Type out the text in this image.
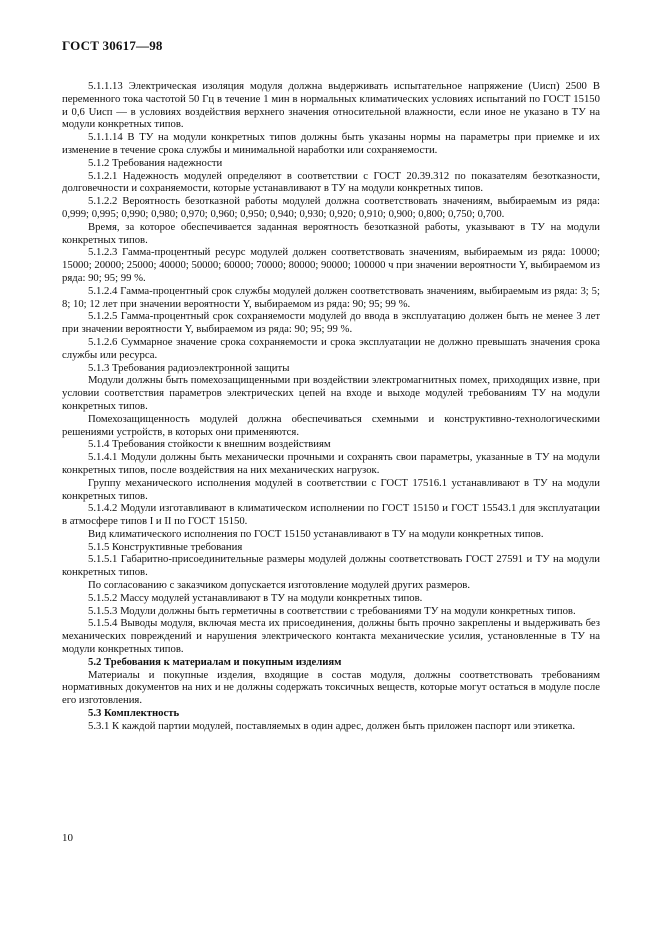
ГОСТ 30617—98

5.1.1.13 Электрическая изоляция модуля должна выдерживать испытательное напряжение (Uисп) 2500 В переменного тока частотой 50 Гц в течение 1 мин в нормальных климатических условиях испытаний по ГОСТ 15150 и 0,6 Uисп — в условиях воздействия верхнего значения относительной влажности, если иное не указано в ТУ на модули конкретных типов.

5.1.1.14 В ТУ на модули конкретных типов должны быть указаны нормы на параметры при приемке и их изменение в течение срока службы и минимальной наработки или сохраняемости.

5.1.2 Требования надежности

5.1.2.1 Надежность модулей определяют в соответствии с ГОСТ 20.39.312 по показателям безотказности, долговечности и сохраняемости, которые устанавливают в ТУ на модули конкретных типов.

5.1.2.2 Вероятность безотказной работы модулей должна соответствовать значениям, выбираемым из ряда: 0,999; 0,995; 0,990; 0,980; 0,970; 0,960; 0,950; 0,940; 0,930; 0,920; 0,910; 0,900; 0,800; 0,750; 0,700.

Время, за которое обеспечивается заданная вероятность безотказной работы, указывают в ТУ на модули конкретных типов.

5.1.2.3 Гамма-процентный ресурс модулей должен соответствовать значениям, выбираемым из ряда: 10000; 15000; 20000; 25000; 40000; 50000; 60000; 70000; 80000; 90000; 100000 ч при значении вероятности Y, выбираемом из ряда: 90; 95; 99 %.

5.1.2.4 Гамма-процентный срок службы модулей должен соответствовать значениям, выбираемым из ряда: 3; 5; 8; 10; 12 лет при значении вероятности Y, выбираемом из ряда: 90; 95; 99 %.

5.1.2.5 Гамма-процентный срок сохраняемости модулей до ввода в эксплуатацию должен быть не менее 3 лет при значении вероятности Y, выбираемом из ряда: 90; 95; 99 %.

5.1.2.6 Суммарное значение срока сохраняемости и срока эксплуатации не должно превышать значения срока службы или ресурса.

5.1.3 Требования радиоэлектронной защиты

Модули должны быть помехозащищенными при воздействии электромагнитных помех, приходящих извне, при условии соответствия параметров электрических цепей на входе и выходе модулей требованиям ТУ на модули конкретных типов.

Помехозащищенность модулей должна обеспечиваться схемными и конструктивно-технологическими решениями устройств, в которых они применяются.

5.1.4 Требования стойкости к внешним воздействиям

5.1.4.1 Модули должны быть механически прочными и сохранять свои параметры, указанные в ТУ на модули конкретных типов, после воздействия на них механических нагрузок.

Группу механического исполнения модулей в соответствии с ГОСТ 17516.1 устанавливают в ТУ на модули конкретных типов.

5.1.4.2 Модули изготавливают в климатическом исполнении по ГОСТ 15150 и ГОСТ 15543.1 для эксплуатации в атмосфере типов I и II по ГОСТ 15150.

Вид климатического исполнения по ГОСТ 15150 устанавливают в ТУ на модули конкретных типов.

5.1.5 Конструктивные требования

5.1.5.1 Габаритно-присоединительные размеры модулей должны соответствовать ГОСТ 27591 и ТУ на модули конкретных типов.

По согласованию с заказчиком допускается изготовление модулей других размеров.

5.1.5.2 Массу модулей устанавливают в ТУ на модули конкретных типов.

5.1.5.3 Модули должны быть герметичны в соответствии с требованиями ТУ на модули конкретных типов.

5.1.5.4 Выводы модуля, включая места их присоединения, должны быть прочно закреплены и выдерживать без механических повреждений и нарушения электрического контакта механические усилия, установленные в ТУ на модули конкретных типов.

5.2 Требования к материалам и покупным изделиям

Материалы и покупные изделия, входящие в состав модуля, должны соответствовать требованиям нормативных документов на них и не должны содержать токсичных веществ, которые могут остаться в модуле после его изготовления.

5.3 Комплектность

5.3.1 К каждой партии модулей, поставляемых в один адрес, должен быть приложен паспорт или этикетка.

10
